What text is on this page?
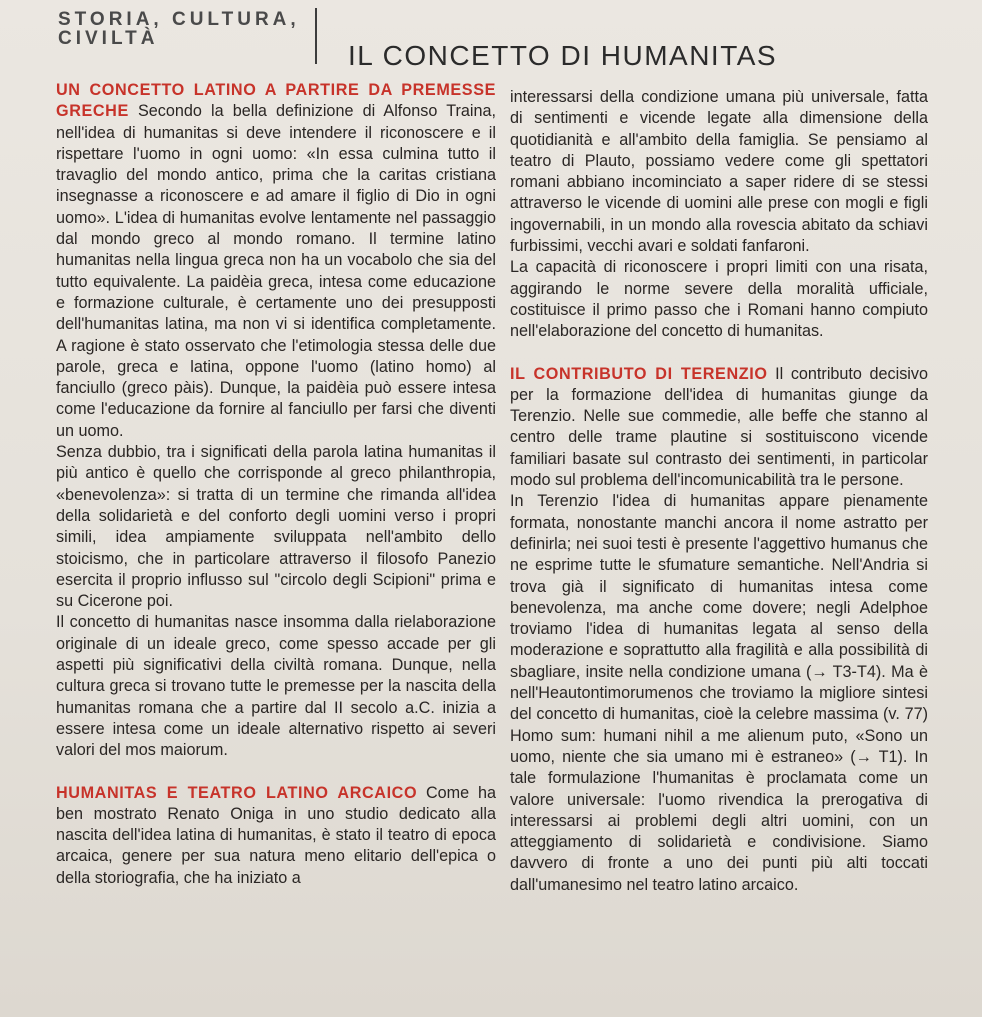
STORIA, CULTURA, CIVILTÀ
IL CONCETTO DI HUMANITAS

UN CONCETTO LATINO A PARTIRE DA PREMESSE GRECHE Secondo la bella definizione di Alfonso Traina, nell'idea di humanitas si deve intendere il riconoscere e il rispettare l'uomo in ogni uomo: «In essa culmina tutto il travaglio del mondo antico, prima che la caritas cristiana insegnasse a riconoscere e ad amare il figlio di Dio in ogni uomo». L'idea di humanitas evolve lentamente nel passaggio dal mondo greco al mondo romano. Il termine latino humanitas nella lingua greca non ha un vocabolo che sia del tutto equivalente. La paidèia greca, intesa come educazione e formazione culturale, è certamente uno dei presupposti dell'humanitas latina, ma non vi si identifica completamente. A ragione è stato osservato che l'etimologia stessa delle due parole, greca e latina, oppone l'uomo (latino homo) al fanciullo (greco pàis). Dunque, la paidèia può essere intesa come l'educazione da fornire al fanciullo per farsi che diventi un uomo.

Senza dubbio, tra i significati della parola latina humanitas il più antico è quello che corrisponde al greco philanthropia, «benevolenza»: si tratta di un termine che rimanda all'idea della solidarietà e del conforto degli uomini verso i propri simili, idea ampiamente sviluppata nell'ambito dello stoicismo, che in particolare attraverso il filosofo Panezio esercita il proprio influsso sul "circolo degli Scipioni" prima e su Cicerone poi.

Il concetto di humanitas nasce insomma dalla rielaborazione originale di un ideale greco, come spesso accade per gli aspetti più significativi della civiltà romana. Dunque, nella cultura greca si trovano tutte le premesse per la nascita della humanitas romana che a partire dal II secolo a.C. inizia a essere intesa come un ideale alternativo rispetto ai severi valori del mos maiorum.

HUMANITAS E TEATRO LATINO ARCAICO Come ha ben mostrato Renato Oniga in uno studio dedicato alla nascita dell'idea latina di humanitas, è stato il teatro di epoca arcaica, genere per sua natura meno elitario dell'epica o della storiografia, che ha iniziato a

interessarsi della condizione umana più universale, fatta di sentimenti e vicende legate alla dimensione della quotidianità e all'ambito della famiglia. Se pensiamo al teatro di Plauto, possiamo vedere come gli spettatori romani abbiano incominciato a saper ridere di se stessi attraverso le vicende di uomini alle prese con mogli e figli ingovernabili, in un mondo alla rovescia abitato da schiavi furbissimi, vecchi avari e soldati fanfaroni.

La capacità di riconoscere i propri limiti con una risata, aggirando le norme severe della moralità ufficiale, costituisce il primo passo che i Romani hanno compiuto nell'elaborazione del concetto di humanitas.

IL CONTRIBUTO DI TERENZIO Il contributo decisivo per la formazione dell'idea di humanitas giunge da Terenzio. Nelle sue commedie, alle beffe che stanno al centro delle trame plautine si sostituiscono vicende familiari basate sul contrasto dei sentimenti, in particolar modo sul problema dell'incomunicabilità tra le persone.

In Terenzio l'idea di humanitas appare pienamente formata, nonostante manchi ancora il nome astratto per definirla; nei suoi testi è presente l'aggettivo humanus che ne esprime tutte le sfumature semantiche. Nell'Andria si trova già il significato di humanitas intesa come benevolenza, ma anche come dovere; negli Adelphoe troviamo l'idea di humanitas legata al senso della moderazione e soprattutto alla fragilità e alla possibilità di sbagliare, insite nella condizione umana (→ T3-T4). Ma è nell'Heautontimorumenos che troviamo la migliore sintesi del concetto di humanitas, cioè la celebre massima (v. 77) Homo sum: humani nihil a me alienum puto, «Sono un uomo, niente che sia umano mi è estraneo» (→ T1). In tale formulazione l'humanitas è proclamata come un valore universale: l'uomo rivendica la prerogativa di interessarsi ai problemi degli altri uomini, con un atteggiamento di solidarietà e condivisione. Siamo davvero di fronte a uno dei punti più alti toccati dall'umanesimo nel teatro latino arcaico.
